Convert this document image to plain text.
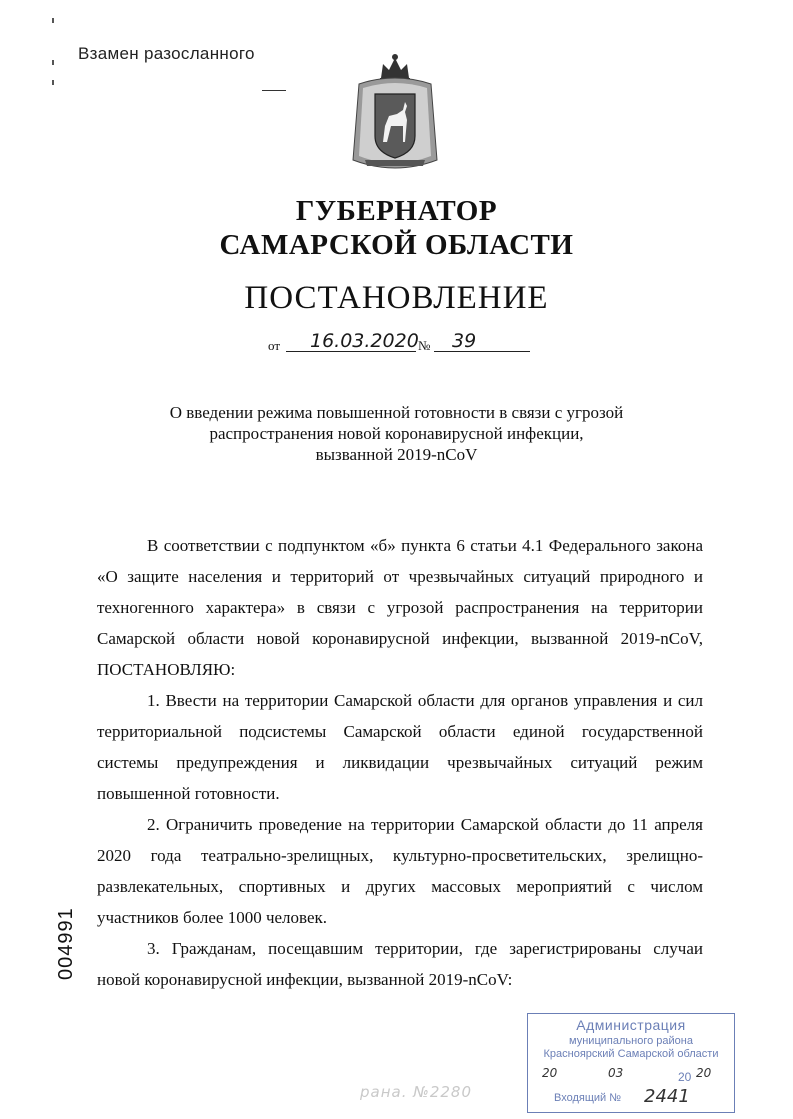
Взамен разосланного
ГУБЕРНАТОР
САМАРСКОЙ ОБЛАСТИ
ПОСТАНОВЛЕНИЕ
от 16.03.2020 № 39
О введении режима повышенной готовности в связи с угрозой
распространения новой коронавирусной инфекции,
вызванной 2019-nCoV

В соответствии с подпунктом «б» пункта 6 статьи 4.1 Федерального закона «О защите населения и территорий от чрезвычайных ситуаций природного и техногенного характера» в связи с угрозой распространения на территории Самарской области новой коронавирусной инфекции, вызванной 2019-nCoV, ПОСТАНОВЛЯЮ:

1. Ввести на территории Самарской области для органов управления и сил территориальной подсистемы Самарской области единой государственной системы предупреждения и ликвидации чрезвычайных ситуаций режим повышенной готовности.

2. Ограничить проведение на территории Самарской области до 11 апреля 2020 года театрально-зрелищных, культурно-просветительских, зрелищно-развлекательных, спортивных и других массовых мероприятий с числом участников более 1000 человек.

3. Гражданам, посещавшим территории, где зарегистрированы случаи новой коронавирусной инфекции, вызванной 2019-nCoV:

004991
Администрация
муниципального района
Красноярский Самарской области
20	03	20 20
Входящий № 2441
рана. №2280
